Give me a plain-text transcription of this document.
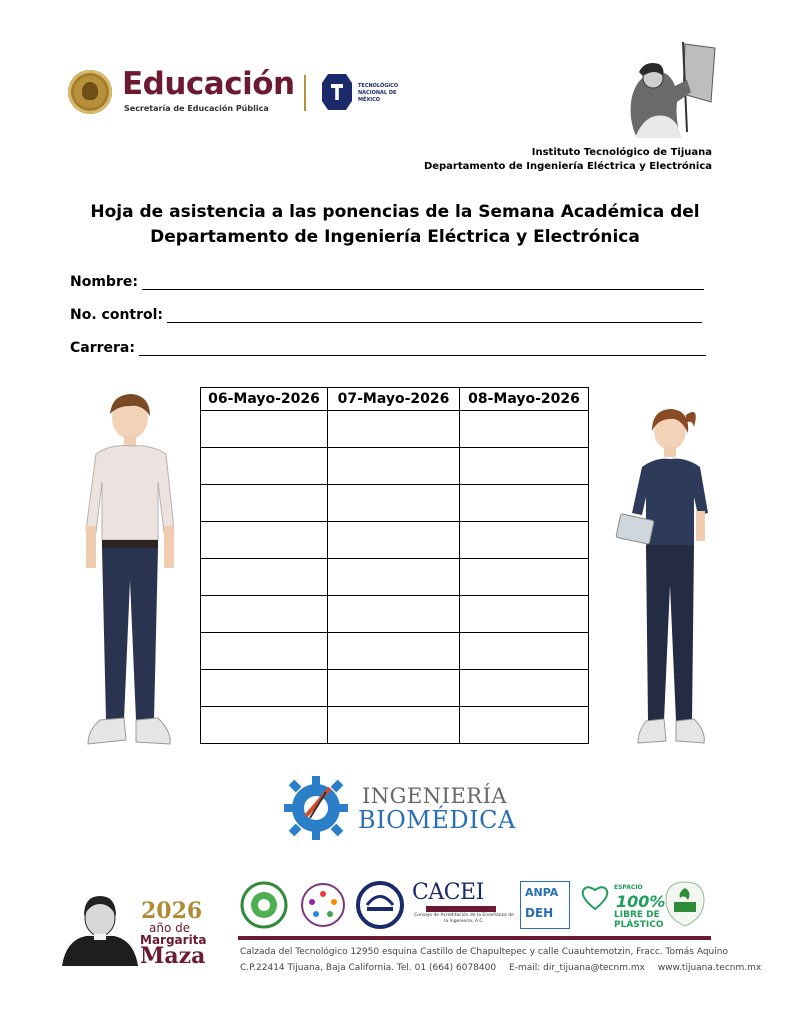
Educación
Secretaría de Educación Pública
TECNOLÓGICO NACIONAL DE MÉXICO
Instituto Tecnológico de Tijuana
Departamento de Ingeniería Eléctrica y Electrónica
Hoja de asistencia a las ponencias de la Semana Académica del
Departamento de Ingeniería Eléctrica y Electrónica
Nombre:
No. control:
Carrera:
06-Mayo-2026	07-Mayo-2026	08-Mayo-2026

INGENIERÍA
BIOMÉDICA
2026
año de
Margarita
Maza
CACEI
Consejo de Acreditación de la Enseñanza de la Ingeniería, A.C.
ANPA
DEH
ESPACIO
100%
LIBRE DE PLÁSTICO
Calzada del Tecnológico 12950 esquina Castillo de Chapultepec y calle Cuauhtemotzin, Fracc. Tomás Aquino
C.P.22414 Tijuana, Baja California. Tel. 01 (664) 6078400 E-mail: dir_tijuana@tecnm.mx www.tijuana.tecnm.mx
